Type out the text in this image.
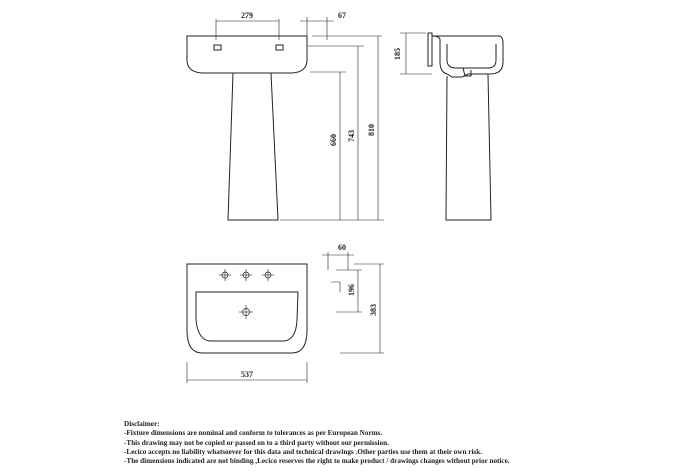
279	67
185
660 743 810
60
196
383
537
Disclaimer:
-Fixture dimensions are nominal and conform to tolerances as per European Norms.
-This drawing may not be copied or passed on to a third party without our permission.
-Lecico accepts no liability whatsoever for this data and technical drawings .Other parties use them at their own risk.
-The dimensions indicated are not binding ,Lecico reserves the right to make product / drawings changes without prior notice.
